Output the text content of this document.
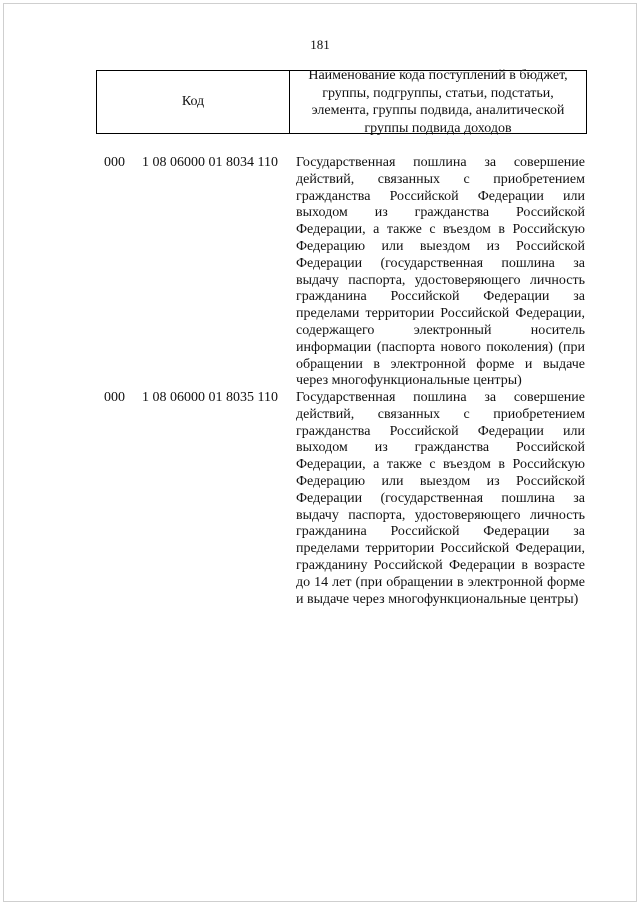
181
Код
Наименование кода поступлений в бюджет, группы, подгруппы, статьи, подстатьи, элемента, группы подвида, аналитической группы подвида доходов
000 1 08 06000 01 8034 110 Государственная пошлина за совершение действий, связанных с приобретением гражданства Российской Федерации или выходом из гражданства Российской Федерации, а также с въездом в Российскую Федерацию или выездом из Российской Федерации (государственная пошлина за выдачу паспорта, удостоверяющего личность гражданина Российской Федерации за пределами территории Российской Федерации, содержащего электронный носитель информации (паспорта нового поколения) (при обращении в электронной форме и выдаче через многофункциональные центры)
000 1 08 06000 01 8035 110 Государственная пошлина за совершение действий, связанных с приобретением гражданства Российской Федерации или выходом из гражданства Российской Федерации, а также с въездом в Российскую Федерацию или выездом из Российской Федерации (государственная пошлина за выдачу паспорта, удостоверяющего личность гражданина Российской Федерации за пределами территории Российской Федерации, гражданину Российской Федерации в возрасте до 14 лет (при обращении в электронной форме и выдаче через многофункциональные центры)
